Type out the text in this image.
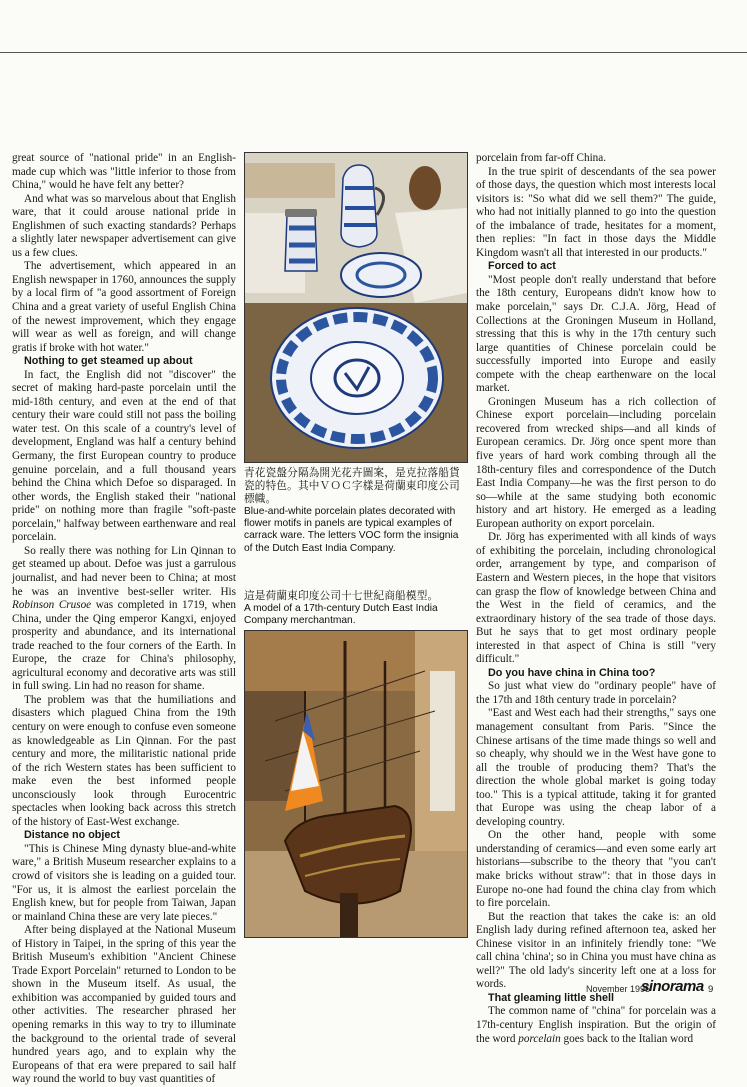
great source of "national pride" in an English-made cup which was "little inferior to those from China," would he have felt any better?

And what was so marvelous about that English ware, that it could arouse national pride in Englishmen of such exacting standards? Perhaps a slightly later newspaper advertisement can give us a few clues.

The advertisement, which appeared in an English newspaper in 1760, announces the supply by a local firm of "a good assortment of Foreign China and a great variety of useful English China of the newest improvement, which they engage will wear as well as foreign, and will change gratis if broke with hot water."

Nothing to get steamed up about

In fact, the English did not "discover" the secret of making hard-paste porcelain until the mid-18th century, and even at the end of that century their ware could still not pass the boiling water test. On this scale of a country's level of development, England was half a century behind Germany, the first European country to produce genuine porcelain, and a full thousand years behind the China which Defoe so disparaged. In other words, the English staked their "national pride" on nothing more than fragile "soft-paste porcelain," halfway between earthenware and real porcelain.

So really there was nothing for Lin Qinnan to get steamed up about. Defoe was just a garrulous journalist, and had never been to China; at most he was an inventive best-seller writer. His Robinson Crusoe was completed in 1719, when China, under the Qing emperor Kangxi, enjoyed prosperity and abundance, and its international trade reached to the four corners of the Earth. In Europe, the craze for China's philosophy, agricultural economy and decorative arts was still in full swing. Lin had no reason for shame.

The problem was that the humiliations and disasters which plagued China from the 19th century on were enough to confuse even someone as knowledgeable as Lin Qinnan. For the past century and more, the militaristic national pride of the rich Western states has been sufficient to make even the best informed people unconsciously look through Eurocentric spectacles when looking back across this stretch of the history of East-West exchange.

Distance no object

"This is Chinese Ming dynasty blue-and-white ware," a British Museum researcher explains to a crowd of visitors she is leading on a guided tour. "For us, it is almost the earliest porcelain the English knew, but for people from Taiwan, Japan or mainland China these are very late pieces."

After being displayed at the National Museum of History in Taipei, in the spring of this year the British Museum's exhibition "Ancient Chinese Trade Export Porcelain" returned to London to be shown in the Museum itself. As usual, the exhibition was accompanied by guided tours and other activities. The researcher phrased her opening remarks in this way to try to illuminate the background to the oriental trade of several hundred years ago, and to explain why the Europeans of that era were prepared to sail half way round the world to buy vast quantities of

青花瓷盤分隔為開光花卉圖案，是克拉落船貨瓷的特色。其中ＶＯＣ字樣是荷蘭東印度公司標幟。
Blue-and-white porcelain plates decorated with flower motifs in panels are typical examples of carrack ware. The letters VOC form the insignia of the Dutch East India Company.
這是荷蘭東印度公司十七世紀商船模型。
A model of a 17th-century Dutch East India Company merchantman.

porcelain from far-off China.

In the true spirit of descendants of the sea power of those days, the question which most interests local visitors is: "So what did we sell them?" The guide, who had not initially planned to go into the question of the imbalance of trade, hesitates for a moment, then replies: "In fact in those days the Middle Kingdom wasn't all that interested in our products."

Forced to act

"Most people don't really understand that before the 18th century, Europeans didn't know how to make porcelain," says Dr. C.J.A. Jörg, Head of Collections at the Groningen Museum in Holland, stressing that this is why in the 17th century such large quantities of Chinese porcelain could be successfully imported into Europe and easily compete with the cheap earthenware on the local market.

Groningen Museum has a rich collection of Chinese export porcelain—including porcelain recovered from wrecked ships—and all kinds of European ceramics. Dr. Jörg once spent more than five years of hard work combing through all the 18th-century files and correspondence of the Dutch East India Company—he was the first person to do so—while at the same studying both economic history and art history. He emerged as a leading European authority on export porcelain.

Dr. Jörg has experimented with all kinds of ways of exhibiting the porcelain, including chronological order, arrangement by type, and comparison of Eastern and Western pieces, in the hope that visitors can grasp the flow of knowledge between China and the West in the field of ceramics, and the extraordinary history of the sea trade of those days. But he says that to get most ordinary people interested in that aspect of China is still "very difficult."

Do you have china in China too?

So just what view do "ordinary people" have of the 17th and 18th century trade in porcelain?

"East and West each had their strengths," says one management consultant from Paris. "Since the Chinese artisans of the time made things so well and so cheaply, why should we in the West have gone to all the trouble of producing them? That's the direction the whole global market is going today too." This is a typical attitude, taking it for granted that Europe was using the cheap labor of a developing country.

On the other hand, people with some understanding of ceramics—and even some early art historians—subscribe to the theory that "you can't make bricks without straw": that in those days in Europe no-one had found the china clay from which to fire porcelain.

But the reaction that takes the cake is: an old English lady during refined afternoon tea, asked her Chinese visitor in an infinitely friendly tone: "We call china 'china'; so in China you must have china as well?" The old lady's sincerity left one at a loss for words.

That gleaming little shell

The common name of "china" for porcelain was a 17th-century English inspiration. But the origin of the word porcelain goes back to the Italian word

November 1995
sinorama 9
